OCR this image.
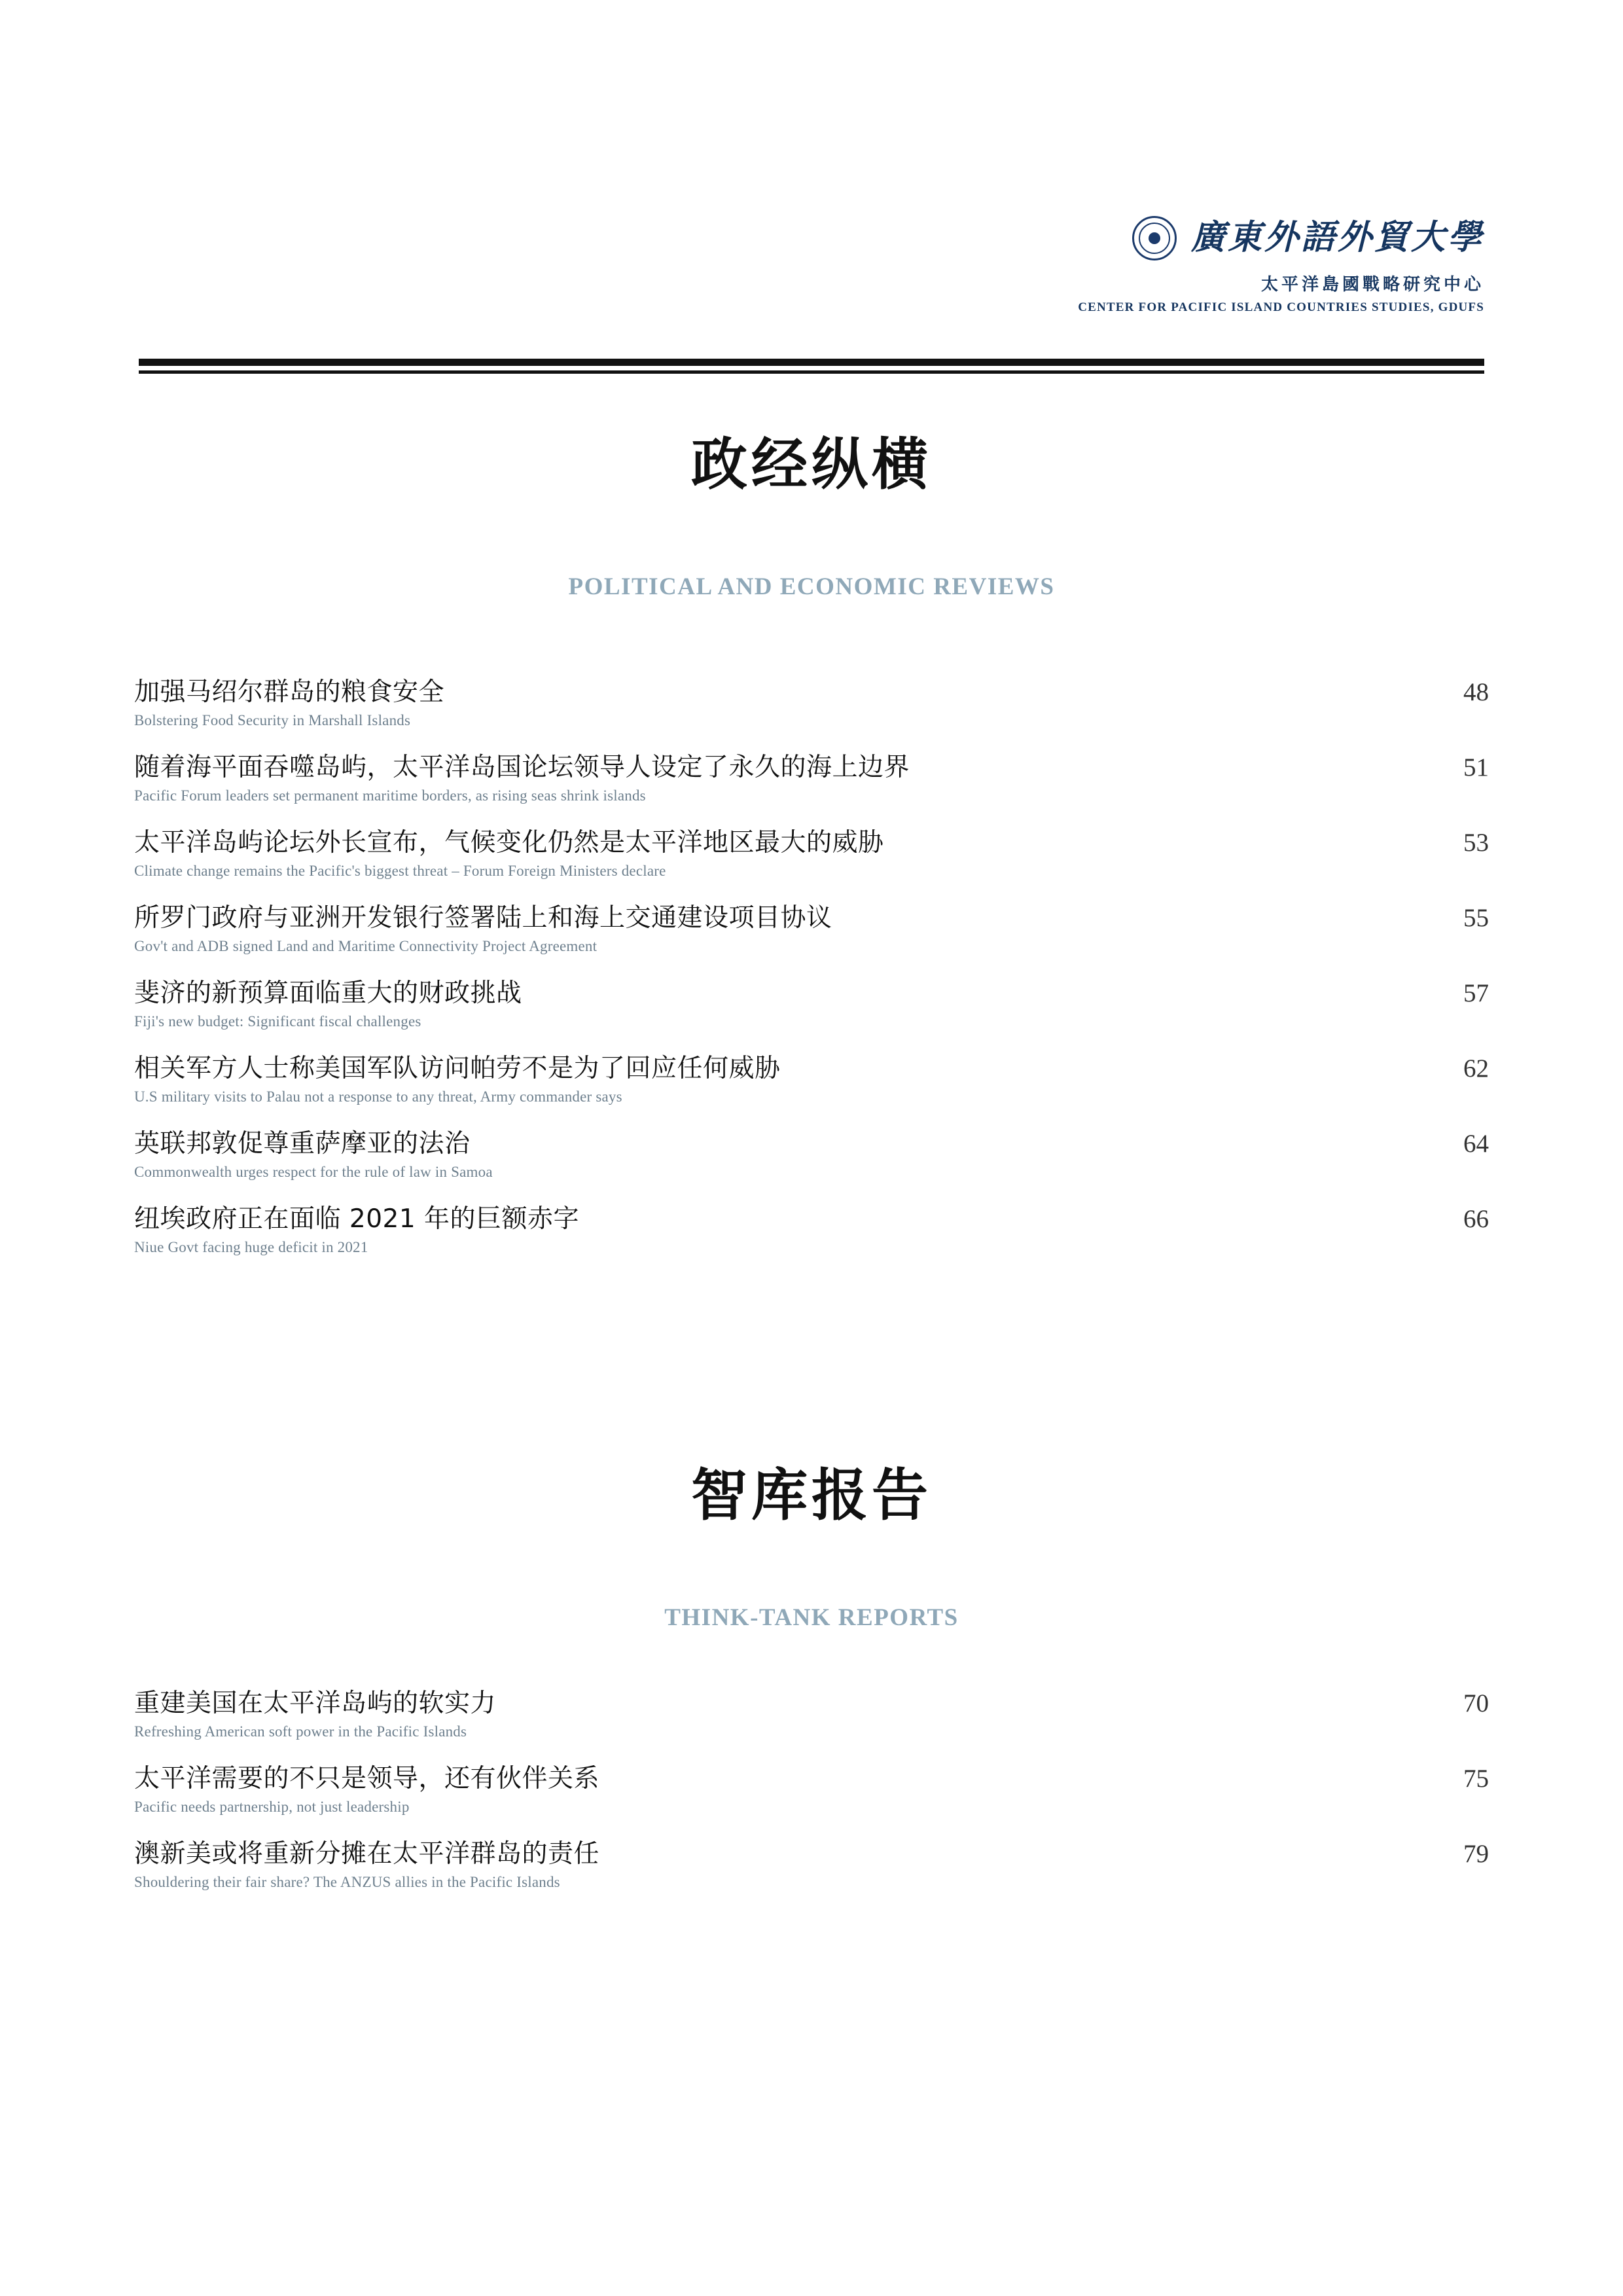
廣東外語外貿大學
太平洋島國戰略研究中心
CENTER FOR PACIFIC ISLAND COUNTRIES STUDIES, GDUFS
政经纵横
POLITICAL AND ECONOMIC REVIEWS
加强马绍尔群岛的粮食安全	48
Bolstering Food Security in Marshall Islands
随着海平面吞噬岛屿，太平洋岛国论坛领导人设定了永久的海上边界	51
Pacific Forum leaders set permanent maritime borders, as rising seas shrink islands
太平洋岛屿论坛外长宣布，气候变化仍然是太平洋地区最大的威胁	53
Climate change remains the Pacific's biggest threat – Forum Foreign Ministers declare
所罗门政府与亚洲开发银行签署陆上和海上交通建设项目协议	55
Gov't and ADB signed Land and Maritime Connectivity Project Agreement
斐济的新预算面临重大的财政挑战	57
Fiji's new budget: Significant fiscal challenges
相关军方人士称美国军队访问帕劳不是为了回应任何威胁	62
U.S military visits to Palau not a response to any threat, Army commander says
英联邦敦促尊重萨摩亚的法治	64
Commonwealth urges respect for the rule of law in Samoa
纽埃政府正在面临 2021 年的巨额赤字	66
Niue Govt facing huge deficit in 2021
智库报告
THINK-TANK REPORTS
重建美国在太平洋岛屿的软实力	70
Refreshing American soft power in the Pacific Islands
太平洋需要的不只是领导，还有伙伴关系	75
Pacific needs partnership, not just leadership
澳新美或将重新分摊在太平洋群岛的责任	79
Shouldering their fair share? The ANZUS allies in the Pacific Islands
